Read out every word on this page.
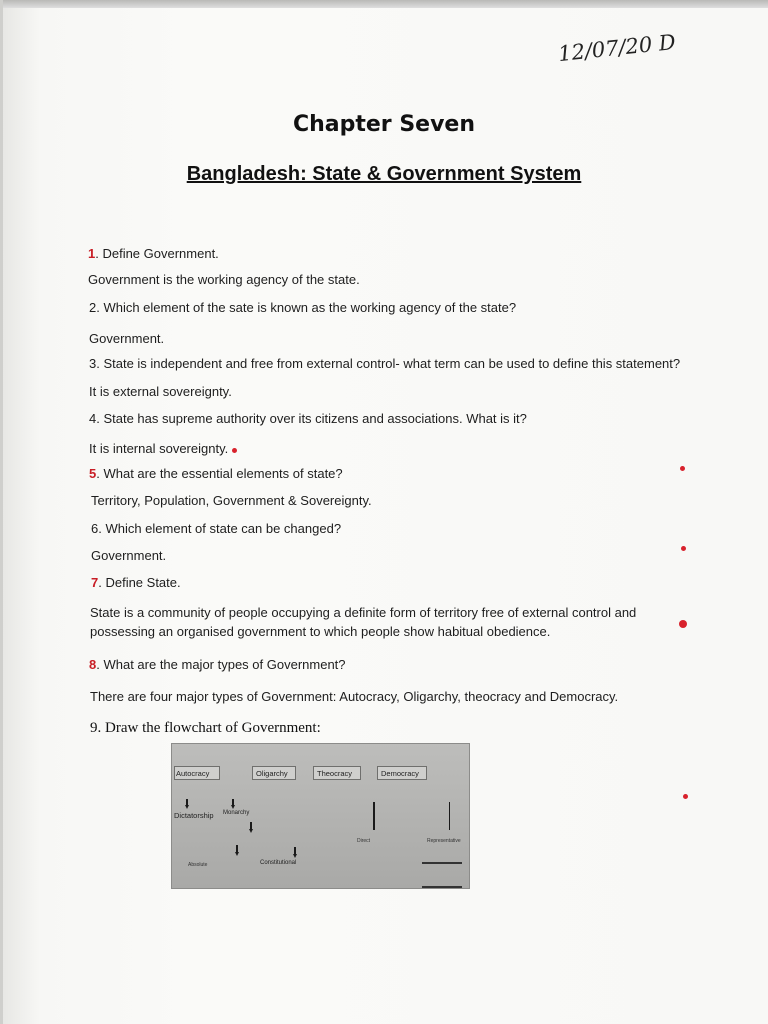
12/07/20 D
Chapter Seven
Bangladesh: State & Government System
1. Define Government.
Government is the working agency of the state.
2. Which element of the sate is known as the working agency of the state?
Government.
3. State is independent and free from external control- what term can be used to define this statement?
It is external sovereignty.
4. State has supreme authority over its citizens and associations. What is it?
It is internal sovereignty.
5. What are the essential elements of state?
Territory, Population, Government & Sovereignty.
6. Which element of state can be changed?
Government.
7. Define State.
State is a community of people occupying a definite form of territory free of external control and possessing an organised government to which people show habitual obedience.
8. What are the major types of Government?
There are four major types of Government: Autocracy, Oligarchy, theocracy and Democracy.
9. Draw the flowchart of Government:
Autocracy	Oligarchy	Theocracy	Democracy
Dictatorship Monarchy
Absolute	Constitutional
Direct	Representative
